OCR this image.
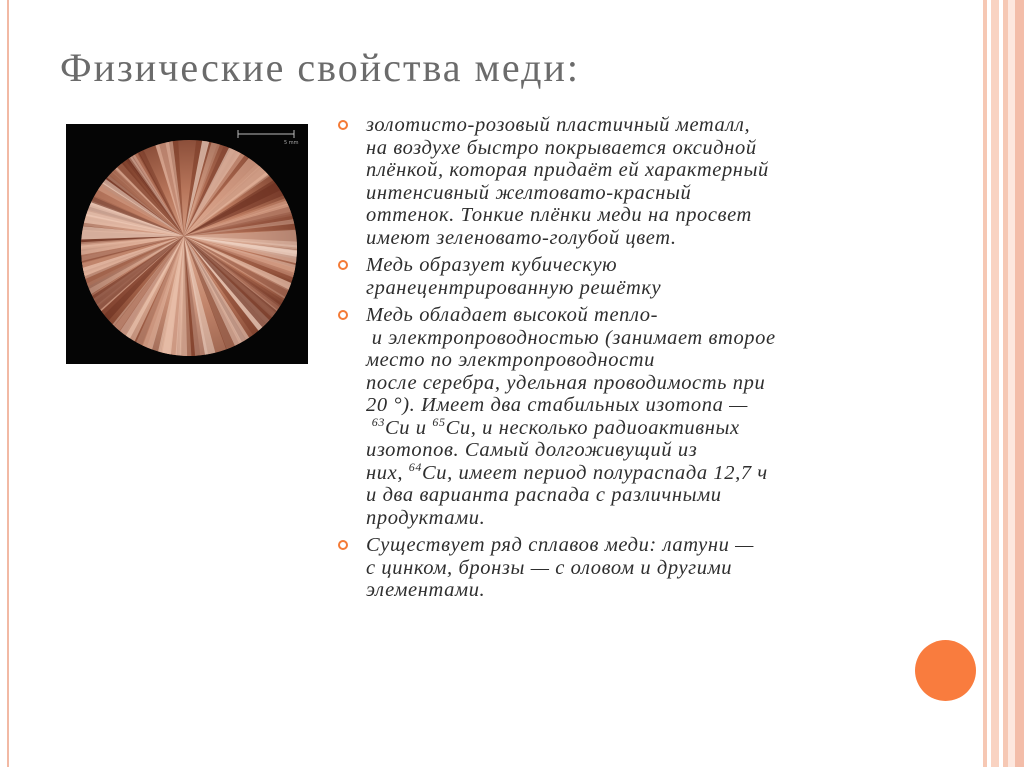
Физические свойства меди:
5 mm
золотисто-розовый пластичный металл,
на воздухе быстро покрывается оксидной
плёнкой, которая придаёт ей характерный
интенсивный желтовато-красный
оттенок. Тонкие плёнки меди на просвет
имеют зеленовато-голубой цвет.
Медь образует кубическую
гранецентрированную решётку
Медь обладает высокой тепло-
и электропроводностью (занимает второе
место по электропроводности
после серебра, удельная проводимость при
20 °). Имеет два стабильных изотопа —
$^{63}$Cu и $^{65}$Cu, и несколько радиоактивных
изотопов. Самый долгоживущий из
них, $^{64}$Cu, имеет период полураспада 12,7 ч
и два варианта распада с различными
продуктами.
Существует ряд сплавов меди: латуни —
с цинком, бронзы — с оловом и другими
элементами.
